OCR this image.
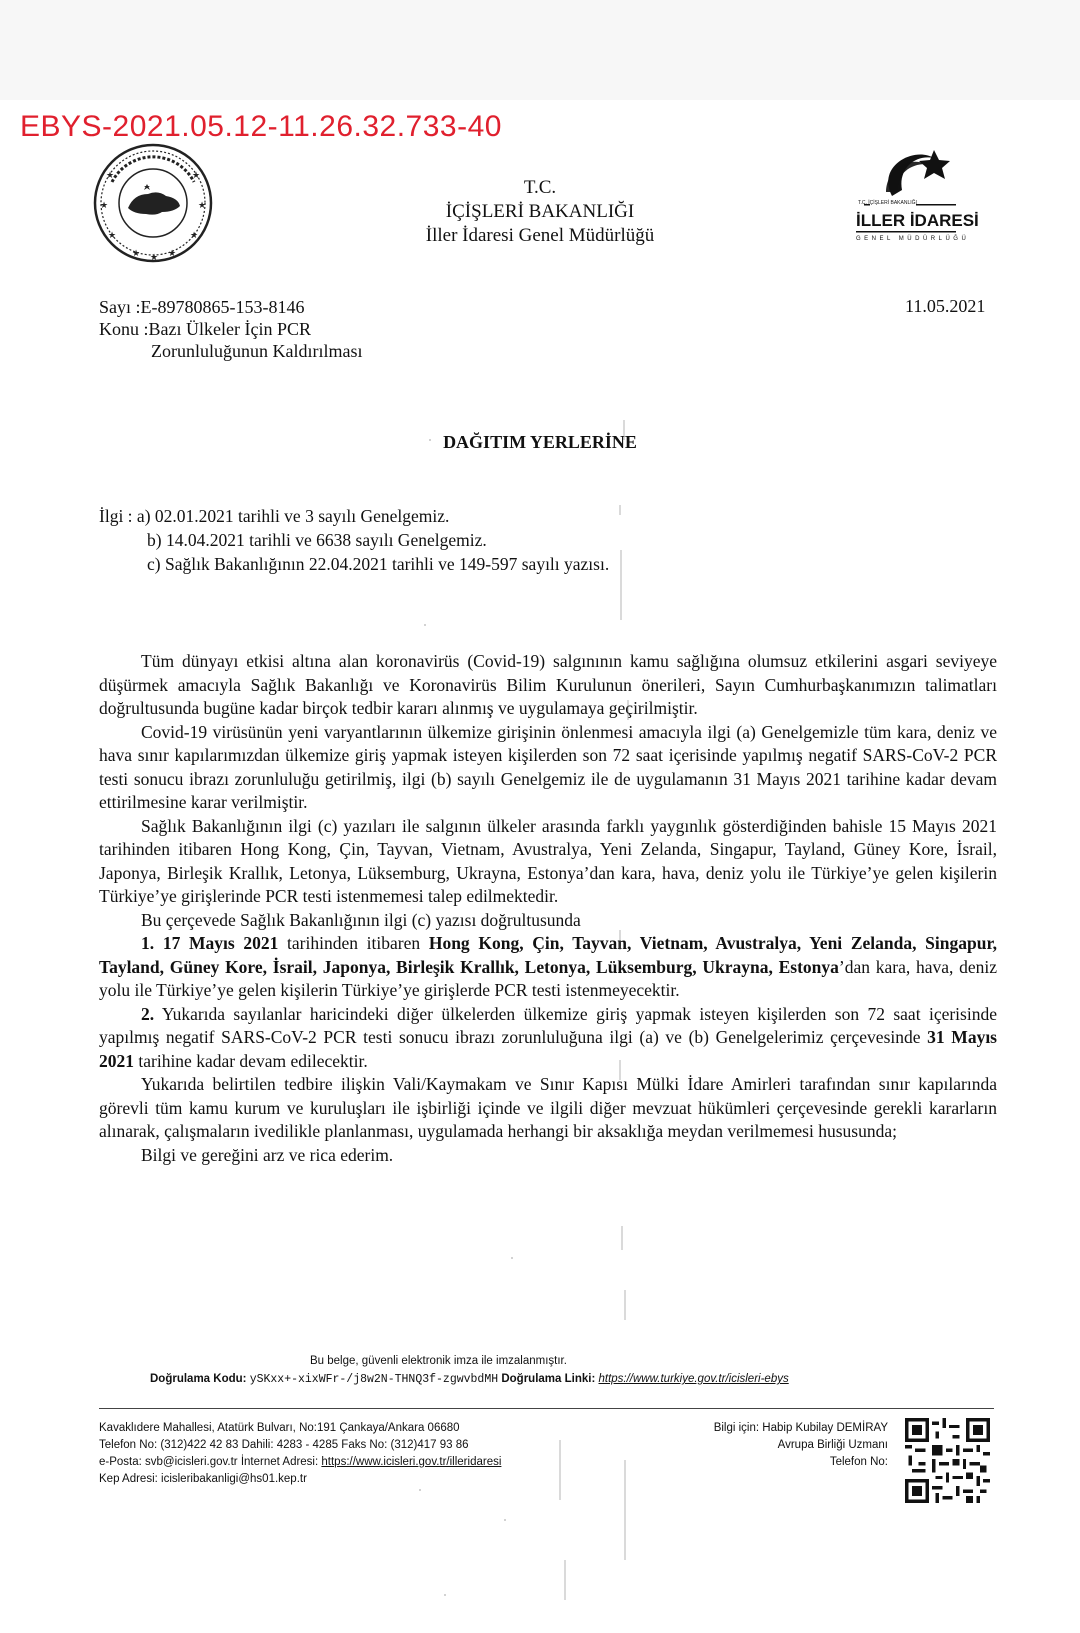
EBYS-2021.05.12-11.26.32.733-40
★
★
★
★
★
★
★ ★ ★
T.C. İÇİŞLERİ BAKANLIĞI
İLLER İDARESİ
GENEL MÜDÜRLÜĞÜ
T.C.
İÇİŞLERİ BAKANLIĞI
İller İdaresi Genel Müdürlüğü
Sayı :E-89780865-153-8146
Konu :Bazı Ülkeler İçin PCR
Zorunluluğunun Kaldırılması
11.05.2021
DAĞITIM YERLERİNE
İlgi : a) 02.01.2021 tarihli ve 3 sayılı Genelgemiz.
b) 14.04.2021 tarihli ve 6638 sayılı Genelgemiz.
c) Sağlık Bakanlığının 22.04.2021 tarihli ve 149-597 sayılı yazısı.

Tüm dünyayı etkisi altına alan koronavirüs (Covid-19) salgınının kamu sağlığına olumsuz etkilerini asgari seviyeye düşürmek amacıyla Sağlık Bakanlığı ve Koronavirüs Bilim Kurulunun önerileri, Sayın Cumhurbaşkanımızın talimatları doğrultusunda bugüne kadar birçok tedbir kararı alınmış ve uygulamaya geçirilmiştir.

Covid-19 virüsünün yeni varyantlarının ülkemize girişinin önlenmesi amacıyla ilgi (a) Genelgemizle tüm kara, deniz ve hava sınır kapılarımızdan ülkemize giriş yapmak isteyen kişilerden son 72 saat içerisinde yapılmış negatif SARS-CoV-2 PCR testi sonucu ibrazı zorunluluğu getirilmiş, ilgi (b) sayılı Genelgemiz ile de uygulamanın 31 Mayıs 2021 tarihine kadar devam ettirilmesine karar verilmiştir.

Sağlık Bakanlığının ilgi (c) yazıları ile salgının ülkeler arasında farklı yaygınlık gösterdiğinden bahisle 15 Mayıs 2021 tarihinden itibaren Hong Kong, Çin, Tayvan, Vietnam, Avustralya, Yeni Zelanda, Singapur, Tayland, Güney Kore, İsrail, Japonya, Birleşik Krallık, Letonya, Lüksemburg, Ukrayna, Estonya’dan kara, hava, deniz yolu ile Türkiye’ye gelen kişilerin Türkiye’ye girişlerinde PCR testi istenmemesi talep edilmektedir.

Bu çerçevede Sağlık Bakanlığının ilgi (c) yazısı doğrultusunda

1. 17 Mayıs 2021 tarihinden itibaren Hong Kong, Çin, Tayvan, Vietnam, Avustralya, Yeni Zelanda, Singapur, Tayland, Güney Kore, İsrail, Japonya, Birleşik Krallık, Letonya, Lüksemburg, Ukrayna, Estonya’dan kara, hava, deniz yolu ile Türkiye’ye gelen kişilerin Türkiye’ye girişlerde PCR testi istenmeyecektir.

2. Yukarıda sayılanlar haricindeki diğer ülkelerden ülkemize giriş yapmak isteyen kişilerden son 72 saat içerisinde yapılmış negatif SARS-CoV-2 PCR testi sonucu ibrazı zorunluluğuna ilgi (a) ve (b) Genelgelerimiz çerçevesinde 31 Mayıs 2021 tarihine kadar devam edilecektir.

Yukarıda belirtilen tedbire ilişkin Vali/Kaymakam ve Sınır Kapısı Mülki İdare Amirleri tarafından sınır kapılarında görevli tüm kamu kurum ve kuruluşları ile işbirliği içinde ve ilgili diğer mevzuat hükümleri çerçevesinde gerekli kararların alınarak, çalışmaların ivedilikle planlanması, uygulamada herhangi bir aksaklığa meydan verilmemesi hususunda;

Bilgi ve gereğini arz ve rica ederim.

Bu belge, güvenli elektronik imza ile imzalanmıştır.
Doğrulama Kodu: ySKxx+-xixWFr-/j8w2N-THNQ3f-zgwvbdMH Doğrulama Linki: https://www.turkiye.gov.tr/icisleri-ebys
Kavaklıdere Mahallesi, Atatürk Bulvarı, No:191 Çankaya/Ankara 06680
Telefon No: (312)422 42 83 Dahili: 4283 - 4285 Faks No: (312)417 93 86
e-Posta: svb@icisleri.gov.tr İnternet Adresi: https://www.icisleri.gov.tr/illeridaresi
Kep Adresi: icisleribakanligi@hs01.kep.tr
Bilgi için: Habip Kubilay DEMİRAY
Avrupa Birliği Uzmanı
Telefon No:
